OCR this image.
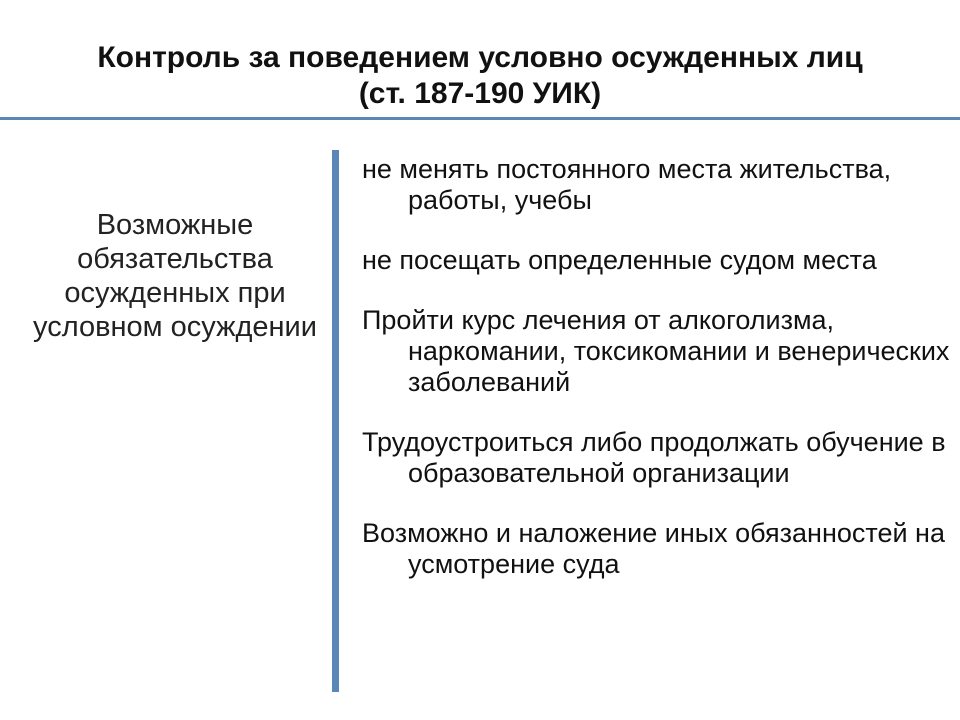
Контроль за поведением условно осужденных лиц
(ст. 187-190 УИК)
Возможные обязательства осужденных при условном осуждении
не менять постоянного места жительства, работы, учебы
не посещать определенные судом места
Пройти курс лечения от алкоголизма, наркомании, токсикомании и венерических заболеваний
Трудоустроиться либо продолжать обучение в образовательной организации
Возможно и наложение иных обязанностей на усмотрение суда
